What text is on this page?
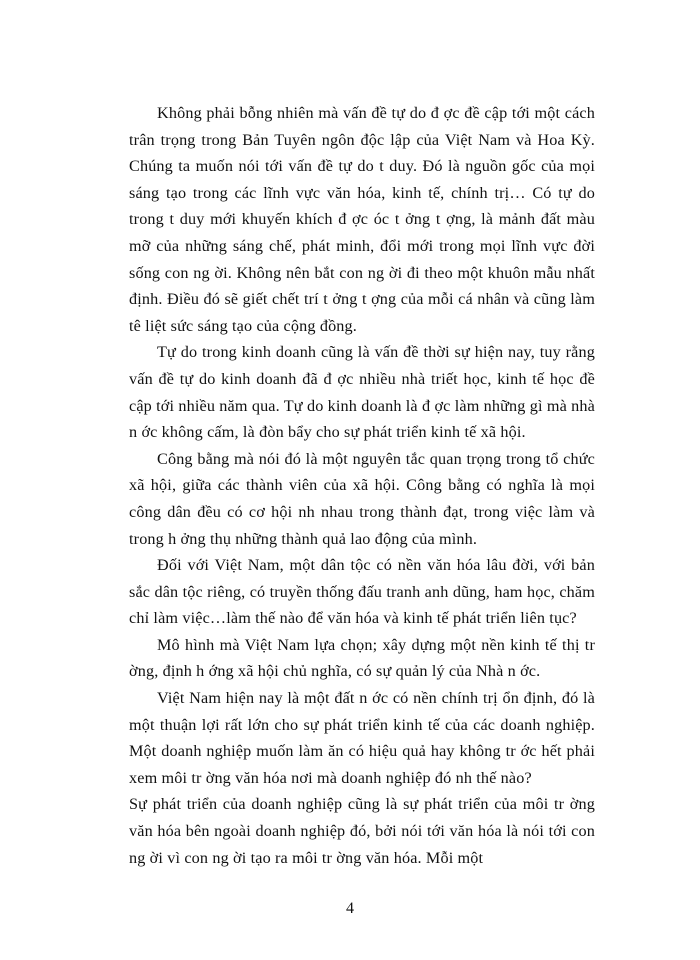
Không phải bỗng nhiên mà vấn đề tự do đ ợc đề cập tới một cách trân trọng trong Bản Tuyên ngôn độc lập của Việt Nam và Hoa Kỳ. Chúng ta muốn nói tới vấn đề tự do t duy. Đó là nguồn gốc của mọi sáng tạo trong các lĩnh vực văn hóa, kinh tế, chính trị… Có tự do trong t duy mới khuyến khích đ ợc óc t ởng t ợng, là mảnh đất màu mỡ của những sáng chế, phát minh, đổi mới trong mọi lĩnh vực đời sống con ng ời. Không nên bắt con ng ời đi theo một khuôn mẫu nhất định. Điều đó sẽ giết chết trí t ởng t ợng của mỗi cá nhân và cũng làm tê liệt sức sáng tạo của cộng đồng.

Tự do trong kinh doanh cũng là vấn đề thời sự hiện nay, tuy rằng vấn đề tự do kinh doanh đã đ ợc nhiều nhà triết học, kinh tế học đề cập tới nhiều năm qua. Tự do kinh doanh là đ ợc làm những gì mà nhà n ớc không cấm, là đòn bẩy cho sự phát triển kinh tế xã hội.

Công bằng mà nói đó là một nguyên tắc quan trọng trong tổ chức xã hội, giữa các thành viên của xã hội. Công bằng có nghĩa là mọi công dân đều có cơ hội nh nhau trong thành đạt, trong việc làm và trong h ởng thụ những thành quả lao động của mình.

Đối với Việt Nam, một dân tộc có nền văn hóa lâu đời, với bản sắc dân tộc riêng, có truyền thống đấu tranh anh dũng, ham học, chăm chỉ làm việc…làm thế nào để văn hóa và kinh tế phát triển liên tục?

Mô hình mà Việt Nam lựa chọn; xây dựng một nền kinh tế thị tr ờng, định h ớng xã hội chủ nghĩa, có sự quản lý của Nhà n ớc.

Việt Nam hiện nay là một đất n ớc có nền chính trị ổn định, đó là một thuận lợi rất lớn cho sự phát triển kinh tế của các doanh nghiệp. Một doanh nghiệp muốn làm ăn có hiệu quả hay không tr ớc hết phải xem môi tr ờng văn hóa nơi mà doanh nghiệp đó nh thế nào?

Sự phát triển của doanh nghiệp cũng là sự phát triển của môi tr ờng văn hóa bên ngoài doanh nghiệp đó, bởi nói tới văn hóa là nói tới con ng ời vì con ng ời tạo ra môi tr ờng văn hóa. Mỗi một

4
